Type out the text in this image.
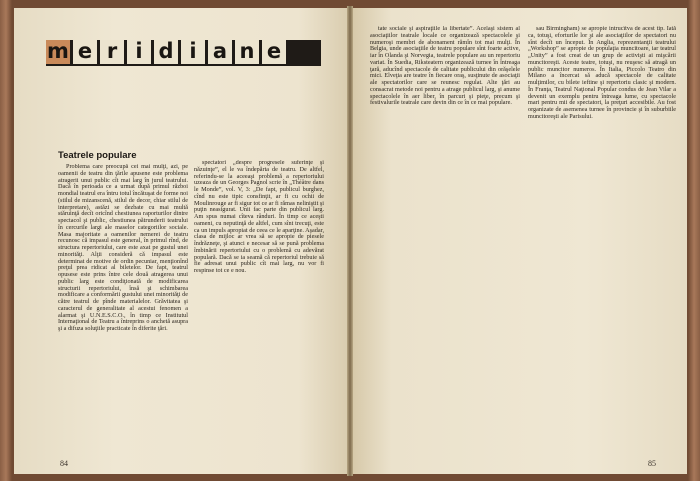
m e r i d i a n e
Teatrele populare

Problema care preocupă cei mai mulţi, azi, pe oamenii de teatru din ţările apusene este problema atragerii unui public cît mai larg în jurul teatrului. Dacă în perioada ce a urmat după primul război mondial teatrul era întru totul încătuşat de forme noi (stilul de mizanscenă, stilul de decor, chiar stilul de interpretare), astăzi se dezbate cu mai multă stăruinţă decît oricînd chestiunea raporturilor dintre spectacol şi public, chestiunea pătrunderii teatrului în cercurile largi ale maselor categoriilor sociale. Masa majoritate a oamenilor nemerei de teatru recunosc că impasul este general, în primul rînd, de structura repertoriului, care este axat pe gustul unei minorităţi. Alţii consideră că impasul este determinat de motive de ordin pecuniar, menţionînd preţul prea ridicat al biletelor. De fapt, teatrul opusese este prins între cele două atragerea unui public larg este condiţionată de modificarea structurii repertoriului, însă şi schimbarea modificare a conformării gustului unei minorităţi de către teatrul de pînde materialelor. Grăvitatea şi caracterul de generalitate al acestui fenomen a alarmat şi U.N.E.S.C.O., în timp ce Institutul Internaţional de Teatru a întreprins o anchetă asupra şi a difuza soluţiile practicate în diferite ţări.

spectatori „despre progresele suferinţe şi năzuinţe”, el le va îndepărta de teatru. De altfel, referindu-se la aceeaşi problemă a repertoriului uzeaza de un Georges Pagnol scrie în „Théâtre dans le Monde”, vol. V, 3: „De fapt, publicul burghez, cînd nu este tipic consfinţit, ar fi cu ochii de Moulinrouge ar fi sigur tot ce ar fi rămas neliniştit şi puţin neasigurat. Unii fac parte din publicul larg. Am spus numai cîteva rânduri. În timp ce aceşti oameni, cu neputinţă de altfel, cum sînt trecuţi, este ca un impuls apropiat de ceea ce le aparţine. Aşadar, clasa de mijloc ar vrea să se apropie de piesele îndrăzneţe, şi atunci e necesar să se pună problema îmbinării repertoriului cu o problemă cu adevărat populară. Dacă se ia seamă că repertoriul trebuie să fie adresat unui public cît mai larg, nu vor fi respinse tot ce e nou.

tate sociale şi aspiraţiile la libertate”. Acelaşi sistem al asociaţiilor teatrale locale ce organizează spectacolele şi numeroşi membri de abonament rămîn tot mai mulţi. În Belgia, unde asociaţiile de teatru populare sînt foarte active, iar în Olanda şi Norvegia, teatrele populare au un repertoriu variat. În Suedia, Riksteatern organizează turnee în întreaga ţară, aducînd spectacole de calitate publicului din orăşelele mici. Elveţia are teatre în fiecare oraş, susţinute de asociaţii ale spectatorilor care se reunesc regulat. Alte ţări au consacrat metode noi pentru a atrage publicul larg, şi anume spectacolele în aer liber, în parcuri şi pieţe, precum şi festivalurile teatrale care devin din ce în ce mai populare.

sau Birmingham) se apropie intrucîtva de acest tip. Iată ca, totuşi, eforturile lor şi ale asociaţiilor de spectatori nu sînt decît un început. În Anglia, reprezentanţii teatrului „Workshop” se apropie de populaţia muncitoare, iar teatrul „Unity” a fost creat de un grup de activişti ai mişcării muncitoreşti. Aceste teatre, totuşi, nu reuşesc să atragă un public muncitor numeros. În Italia, Piccolo Teatro din Milano a încercat să aducă spectacole de calitate mulţimilor, cu bilete ieftine şi repertoriu clasic şi modern. În Franţa, Teatrul Naţional Popular condus de Jean Vilar a devenit un exemplu pentru întreaga lume, cu spectacole mari pentru mii de spectatori, la preţuri accesibile. Au fost organizate de asemenea turnee în provincie şi în suburbiile muncitoreşti ale Parisului.

84	85
